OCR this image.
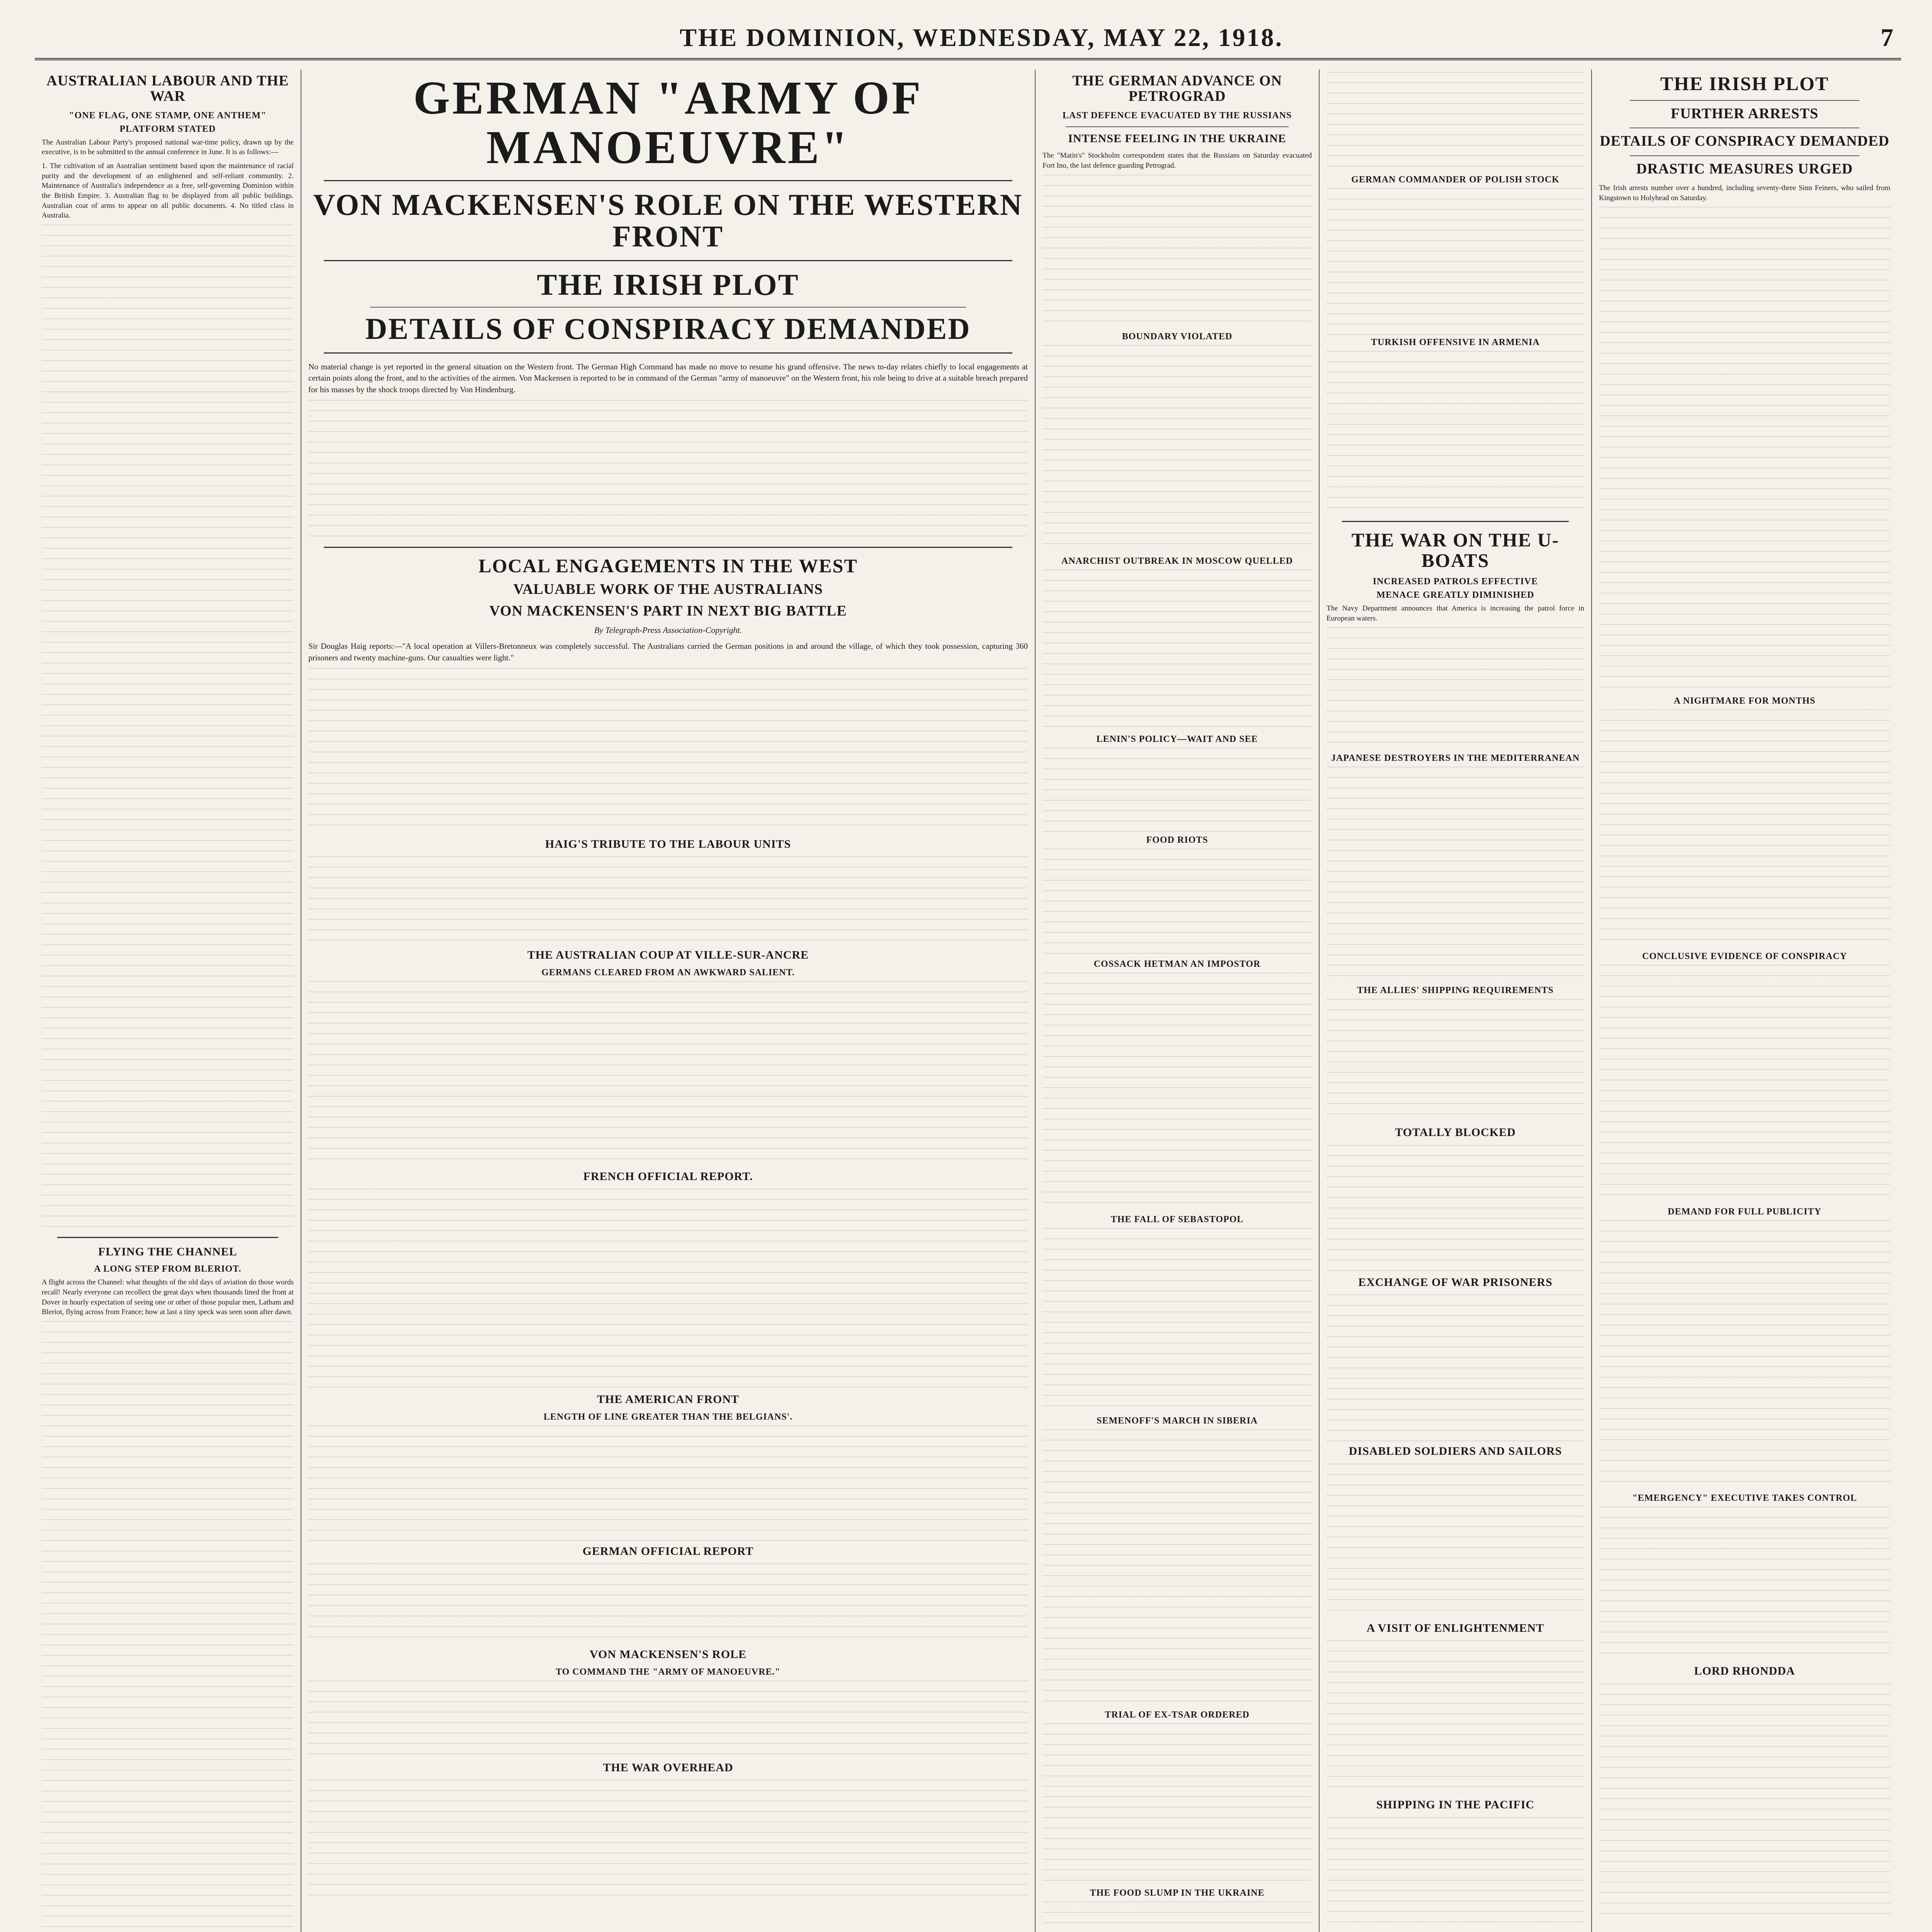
THE DOMINION, WEDNESDAY, MAY 22, 1918.	7
AUSTRALIAN LABOUR AND THE WAR
"ONE FLAG, ONE STAMP, ONE ANTHEM"
PLATFORM STATED

The Australian Labour Party's proposed national war-time policy, drawn up by the executive, is to be submitted to the annual conference in June. It is as follows:—

1. The cultivation of an Australian sentiment based upon the maintenance of racial purity and the development of an enlightened and self-reliant community. 2. Maintenance of Australia's independence as a free, self-governing Dominion within the British Empire. 3. Australian flag to be displayed from all public buildings. Australian coat of arms to appear on all public documents. 4. No titled class in Australia.

FLYING THE CHANNEL
A LONG STEP FROM BLERIOT.

A flight across the Channel: what thoughts of the old days of aviation do those words recall! Nearly everyone can recollect the great days when thousands lined the front at Dover in hourly expectation of seeing one or other of those popular men, Latham and Bleriot, flying across from France; how at last a tiny speck was seen soon after dawn.

GERMAN "ARMY OF MANOEUVRE"
VON MACKENSEN'S ROLE ON THE WESTERN FRONT
THE IRISH PLOT
DETAILS OF CONSPIRACY DEMANDED

No material change is yet reported in the general situation on the Western front. The German High Command has made no move to resume his grand offensive. The news to-day relates chiefly to local engagements at certain points along the front, and to the activities of the airmen. Von Mackensen is reported to be in command of the German "army of manoeuvre" on the Western front, his role being to drive at a suitable breach prepared for his masses by the shock troops directed by Von Hindenburg.

LOCAL ENGAGEMENTS IN THE WEST
VALUABLE WORK OF THE AUSTRALIANS
VON MACKENSEN'S PART IN NEXT BIG BATTLE
By Telegraph-Press Association-Copyright.

Sir Douglas Haig reports:—"A local operation at Villers-Bretonneux was completely successful. The Australians carried the German positions in and around the village, of which they took possession, capturing 360 prisoners and twenty machine-guns. Our casualties were light."

HAIG'S TRIBUTE TO THE LABOUR UNITS
THE AUSTRALIAN COUP AT VILLE-SUR-ANCRE
GERMANS CLEARED FROM AN AWKWARD SALIENT.
FRENCH OFFICIAL REPORT.
THE AMERICAN FRONT
LENGTH OF LINE GREATER THAN THE BELGIANS'.
GERMAN OFFICIAL REPORT
VON MACKENSEN'S ROLE
TO COMMAND THE "ARMY OF MANOEUVRE."
THE WAR OVERHEAD
THE GERMAN ADVANCE ON PETROGRAD
LAST DEFENCE EVACUATED BY THE RUSSIANS
INTENSE FEELING IN THE UKRAINE

The "Matin's" Stockholm correspondent states that the Russians on Saturday evacuated Fort Ino, the last defence guarding Petrograd.

BOUNDARY VIOLATED
ANARCHIST OUTBREAK IN MOSCOW QUELLED
LENIN'S POLICY—WAIT AND SEE
FOOD RIOTS
COSSACK HETMAN AN IMPOSTOR
THE FALL OF SEBASTOPOL
SEMENOFF'S MARCH IN SIBERIA
TRIAL OF EX-TSAR ORDERED
THE FOOD SLUMP IN THE UKRAINE
GERMAN COMMANDER OF POLISH STOCK
TURKISH OFFENSIVE IN ARMENIA
THE WAR ON THE U-BOATS
INCREASED PATROLS EFFECTIVE
MENACE GREATLY DIMINISHED

The Navy Department announces that America is increasing the patrol force in European waters.

JAPANESE DESTROYERS IN THE MEDITERRANEAN
THE ALLIES' SHIPPING REQUIREMENTS
TOTALLY BLOCKED
EXCHANGE OF WAR PRISONERS
DISABLED SOLDIERS AND SAILORS
A VISIT OF ENLIGHTENMENT
SHIPPING IN THE PACIFIC
THE IRISH PLOT
FURTHER ARRESTS
DETAILS OF CONSPIRACY DEMANDED
DRASTIC MEASURES URGED

The Irish arrests number over a hundred, including seventy-three Sinn Feiners, who sailed from Kingstown to Holyhead on Saturday.

A NIGHTMARE FOR MONTHS
CONCLUSIVE EVIDENCE OF CONSPIRACY
DEMAND FOR FULL PUBLICITY
"EMERGENCY" EXECUTIVE TAKES CONTROL
LORD RHONDDA
